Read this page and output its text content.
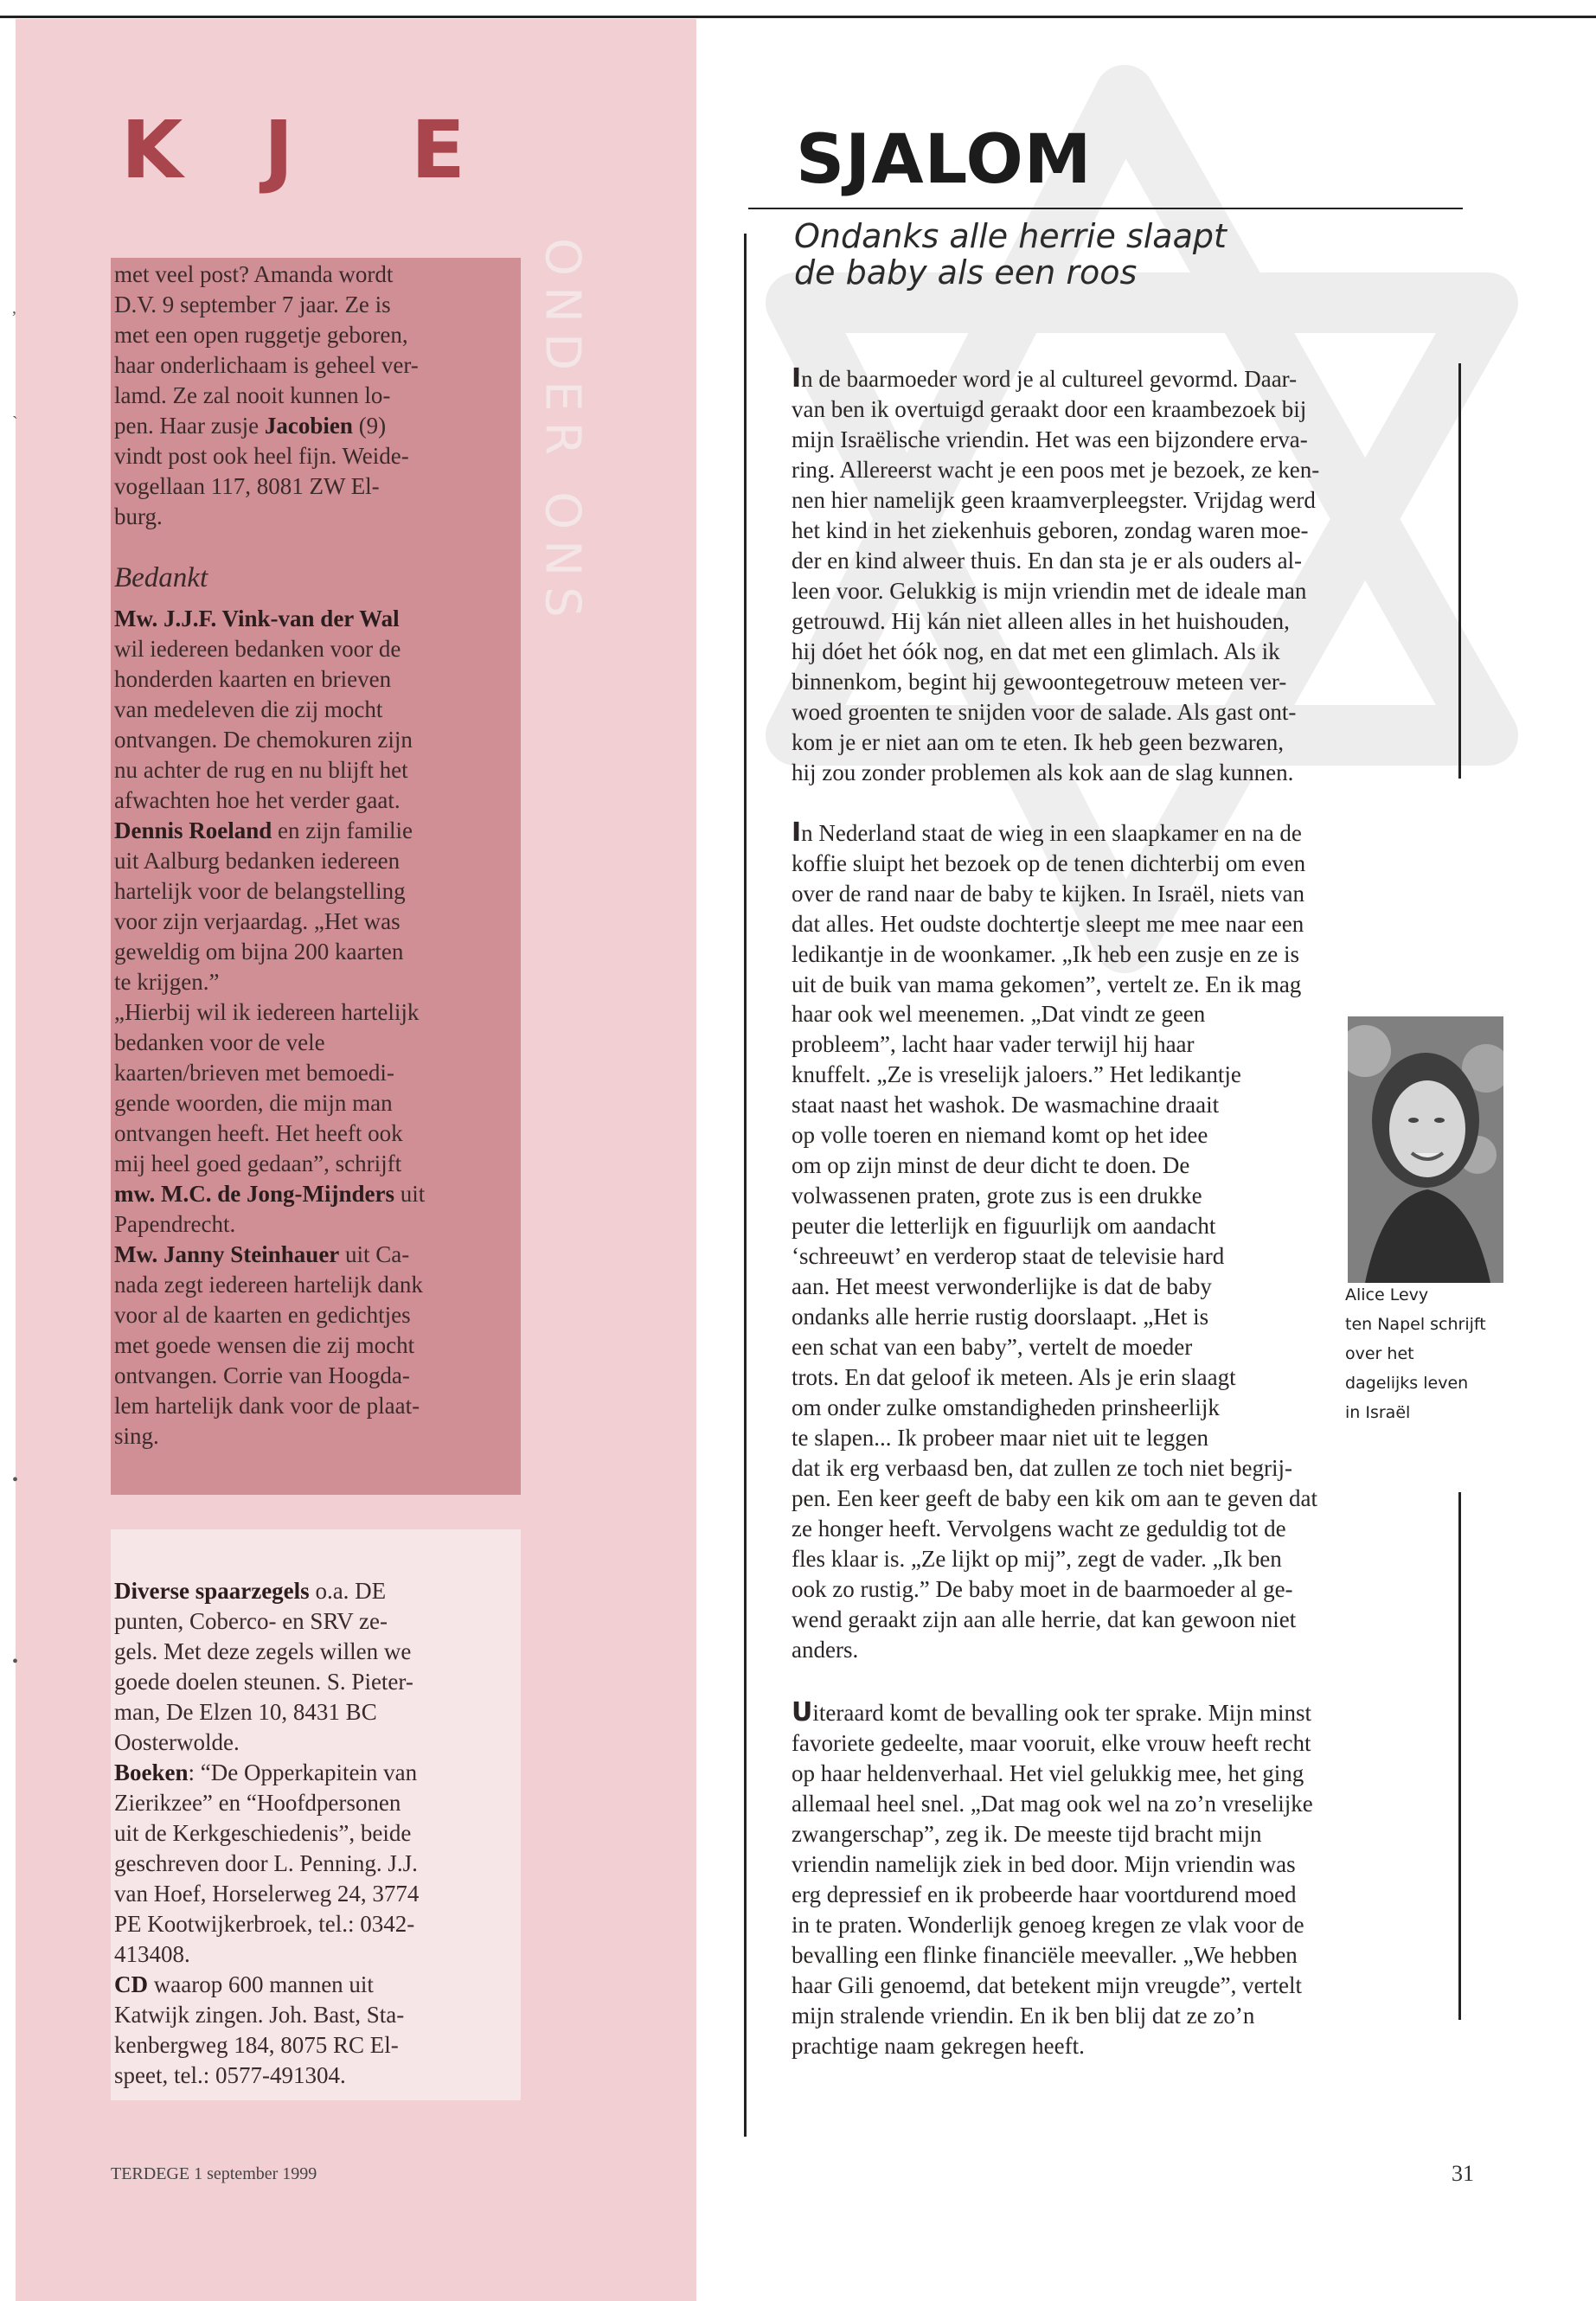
K J E
ONDER ONS
,
`
•
•

met veel post? Amanda wordt

D.V. 9 september 7 jaar. Ze is

met een open ruggetje geboren,

haar onderlichaam is geheel ver-

lamd. Ze zal nooit kunnen lo-

pen. Haar zusje Jacobien (9)

vindt post ook heel fijn. Weide-

vogellaan 117, 8081 ZW El-

burg.

Bedankt

Mw. J.J.F. Vink-van der Wal

wil iedereen bedanken voor de

honderden kaarten en brieven

van medeleven die zij mocht

ontvangen. De chemokuren zijn

nu achter de rug en nu blijft het

afwachten hoe het verder gaat.

Dennis Roeland en zijn familie

uit Aalburg bedanken iedereen

hartelijk voor de belangstelling

voor zijn verjaardag. „Het was

geweldig om bijna 200 kaarten

te krijgen.”

„Hierbij wil ik iedereen hartelijk

bedanken voor de vele

kaarten/brieven met bemoedi-

gende woorden, die mijn man

ontvangen heeft. Het heeft ook

mij heel goed gedaan”, schrijft

mw. M.C. de Jong-Mijnders uit

Papendrecht.

Mw. Janny Steinhauer uit Ca-

nada zegt iedereen hartelijk dank

voor al de kaarten en gedichtjes

met goede wensen die zij mocht

ontvangen. Corrie van Hoogda-

lem hartelijk dank voor de plaat-

sing.

Diverse spaarzegels o.a. DE

punten, Coberco- en SRV ze-

gels. Met deze zegels willen we

goede doelen steunen. S. Pieter-

man, De Elzen 10, 8431 BC

Oosterwolde.

Boeken: “De Opperkapitein van

Zierikzee” en “Hoofdpersonen

uit de Kerkgeschiedenis”, beide

geschreven door L. Penning. J.J.

van Hoef, Horselerweg 24, 3774

PE Kootwijkerbroek, tel.: 0342-

413408.

CD waarop 600 mannen uit

Katwijk zingen. Joh. Bast, Sta-

kenbergweg 184, 8075 RC El-

speet, tel.: 0577-491304.

SJALOM
Ondanks alle herrie slaapt
de baby als een roos

In de baarmoeder word je al cultureel gevormd. Daar-

van ben ik overtuigd geraakt door een kraambezoek bij

mijn Israëlische vriendin. Het was een bijzondere erva-

ring. Allereerst wacht je een poos met je bezoek, ze ken-

nen hier namelijk geen kraamverpleegster. Vrijdag werd

het kind in het ziekenhuis geboren, zondag waren moe-

der en kind alweer thuis. En dan sta je er als ouders al-

leen voor. Gelukkig is mijn vriendin met de ideale man

getrouwd. Hij kán niet alleen alles in het huishouden,

hij dóet het óók nog, en dat met een glimlach. Als ik

binnenkom, begint hij gewoontegetrouw meteen ver-

woed groenten te snijden voor de salade. Als gast ont-

kom je er niet aan om te eten. Ik heb geen bezwaren,

hij zou zonder problemen als kok aan de slag kunnen.

In Nederland staat de wieg in een slaapkamer en na de

koffie sluipt het bezoek op de tenen dichterbij om even

over de rand naar de baby te kijken. In Israël, niets van

dat alles. Het oudste dochtertje sleept me mee naar een

ledikantje in de woonkamer. „Ik heb een zusje en ze is

uit de buik van mama gekomen”, vertelt ze. En ik mag

haar ook wel meenemen. „Dat vindt ze geen

probleem”, lacht haar vader terwijl hij haar

knuffelt. „Ze is vreselijk jaloers.” Het ledikantje

staat naast het washok. De wasmachine draait

op volle toeren en niemand komt op het idee

om op zijn minst de deur dicht te doen. De

volwassenen praten, grote zus is een drukke

peuter die letterlijk en figuurlijk om aandacht

‘schreeuwt’ en verderop staat de televisie hard

aan. Het meest verwonderlijke is dat de baby

ondanks alle herrie rustig doorslaapt. „Het is

een schat van een baby”, vertelt de moeder

trots. En dat geloof ik meteen. Als je erin slaagt

om onder zulke omstandigheden prinsheerlijk

te slapen... Ik probeer maar niet uit te leggen

dat ik erg verbaasd ben, dat zullen ze toch niet begrij-

pen. Een keer geeft de baby een kik om aan te geven dat

ze honger heeft. Vervolgens wacht ze geduldig tot de

fles klaar is. „Ze lijkt op mij”, zegt de vader. „Ik ben

ook zo rustig.” De baby moet in de baarmoeder al ge-

wend geraakt zijn aan alle herrie, dat kan gewoon niet

anders.

Uiteraard komt de bevalling ook ter sprake. Mijn minst

favoriete gedeelte, maar vooruit, elke vrouw heeft recht

op haar heldenverhaal. Het viel gelukkig mee, het ging

allemaal heel snel. „Dat mag ook wel na zo’n vreselijke

zwangerschap”, zeg ik. De meeste tijd bracht mijn

vriendin namelijk ziek in bed door. Mijn vriendin was

erg depressief en ik probeerde haar voortdurend moed

in te praten. Wonderlijk genoeg kregen ze vlak voor de

bevalling een flinke financiële meevaller. „We hebben

haar Gili genoemd, dat betekent mijn vreugde”, vertelt

mijn stralende vriendin. En ik ben blij dat ze zo’n

prachtige naam gekregen heeft.

Alice Levy
ten Napel schrijft
over het
dagelijks leven
in Israël
TERDEGE 1 september 1999	31
